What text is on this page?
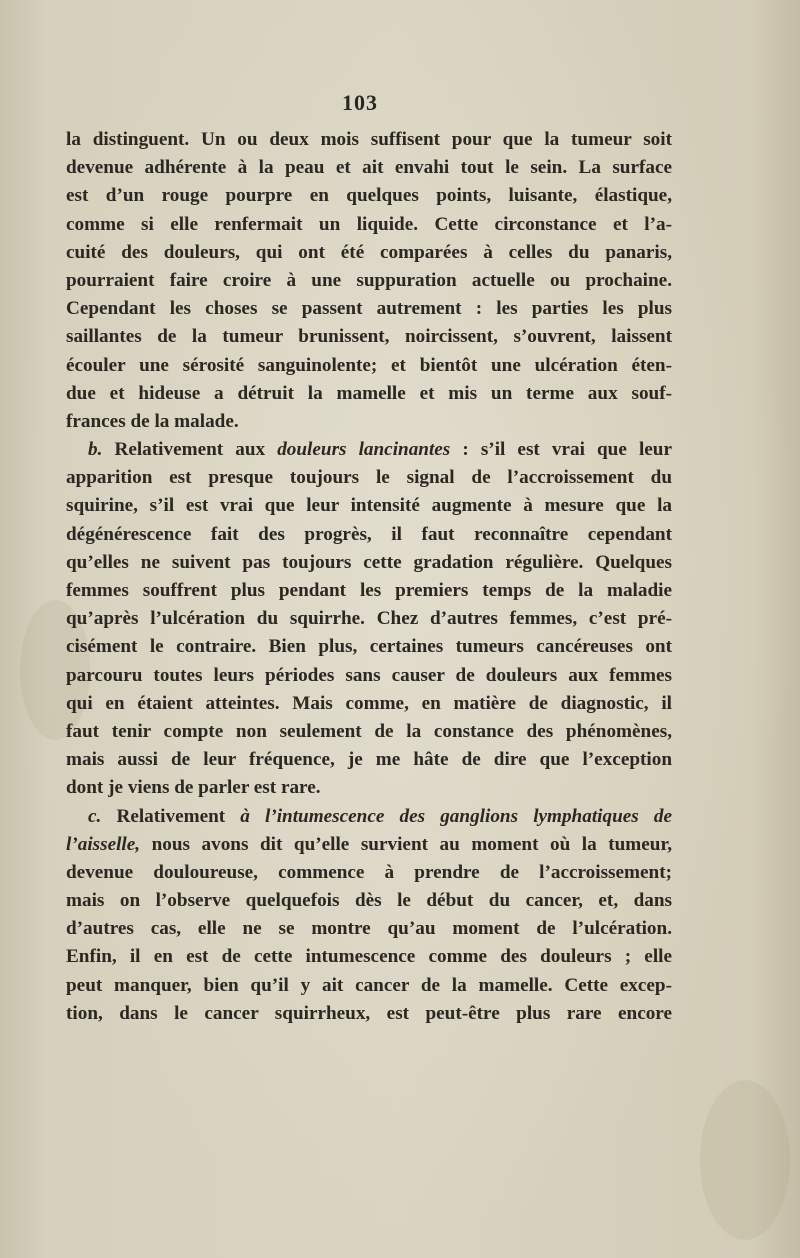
103
la distinguent. Un ou deux mois suffisent pour que la tumeur soit
devenue adhérente à la peau et ait envahi tout le sein. La surface
est d’un rouge pourpre en quelques points, luisante, élastique,
comme si elle renfermait un liquide. Cette circonstance et l’a-
cuité des douleurs, qui ont été comparées à celles du panaris,
pourraient faire croire à une suppuration actuelle ou prochaine.
Cependant les choses se passent autrement : les parties les plus
saillantes de la tumeur brunissent, noircissent, s’ouvrent, laissent
écouler une sérosité sanguinolente; et bientôt une ulcération éten-
due et hideuse a détruit la mamelle et mis un terme aux souf-
frances de la malade.
b. Relativement aux douleurs lancinantes : s’il est vrai que leur
apparition est presque toujours le signal de l’accroissement du
squirine, s’il est vrai que leur intensité augmente à mesure que la
dégénérescence fait des progrès, il faut reconnaître cependant
qu’elles ne suivent pas toujours cette gradation régulière. Quelques
femmes souffrent plus pendant les premiers temps de la maladie
qu’après l’ulcération du squirrhe. Chez d’autres femmes, c’est pré-
cisément le contraire. Bien plus, certaines tumeurs cancéreuses ont
parcouru toutes leurs périodes sans causer de douleurs aux femmes
qui en étaient atteintes. Mais comme, en matière de diagnostic, il
faut tenir compte non seulement de la constance des phénomènes,
mais aussi de leur fréquence, je me hâte de dire que l’exception
dont je viens de parler est rare.
c. Relativement à l’intumescence des ganglions lymphatiques de
l’aisselle, nous avons dit qu’elle survient au moment où la tumeur,
devenue douloureuse, commence à prendre de l’accroissement;
mais on l’observe quelquefois dès le début du cancer, et, dans
d’autres cas, elle ne se montre qu’au moment de l’ulcération.
Enfin, il en est de cette intumescence comme des douleurs ; elle
peut manquer, bien qu’il y ait cancer de la mamelle. Cette excep-
tion, dans le cancer squirrheux, est peut-être plus rare encore
